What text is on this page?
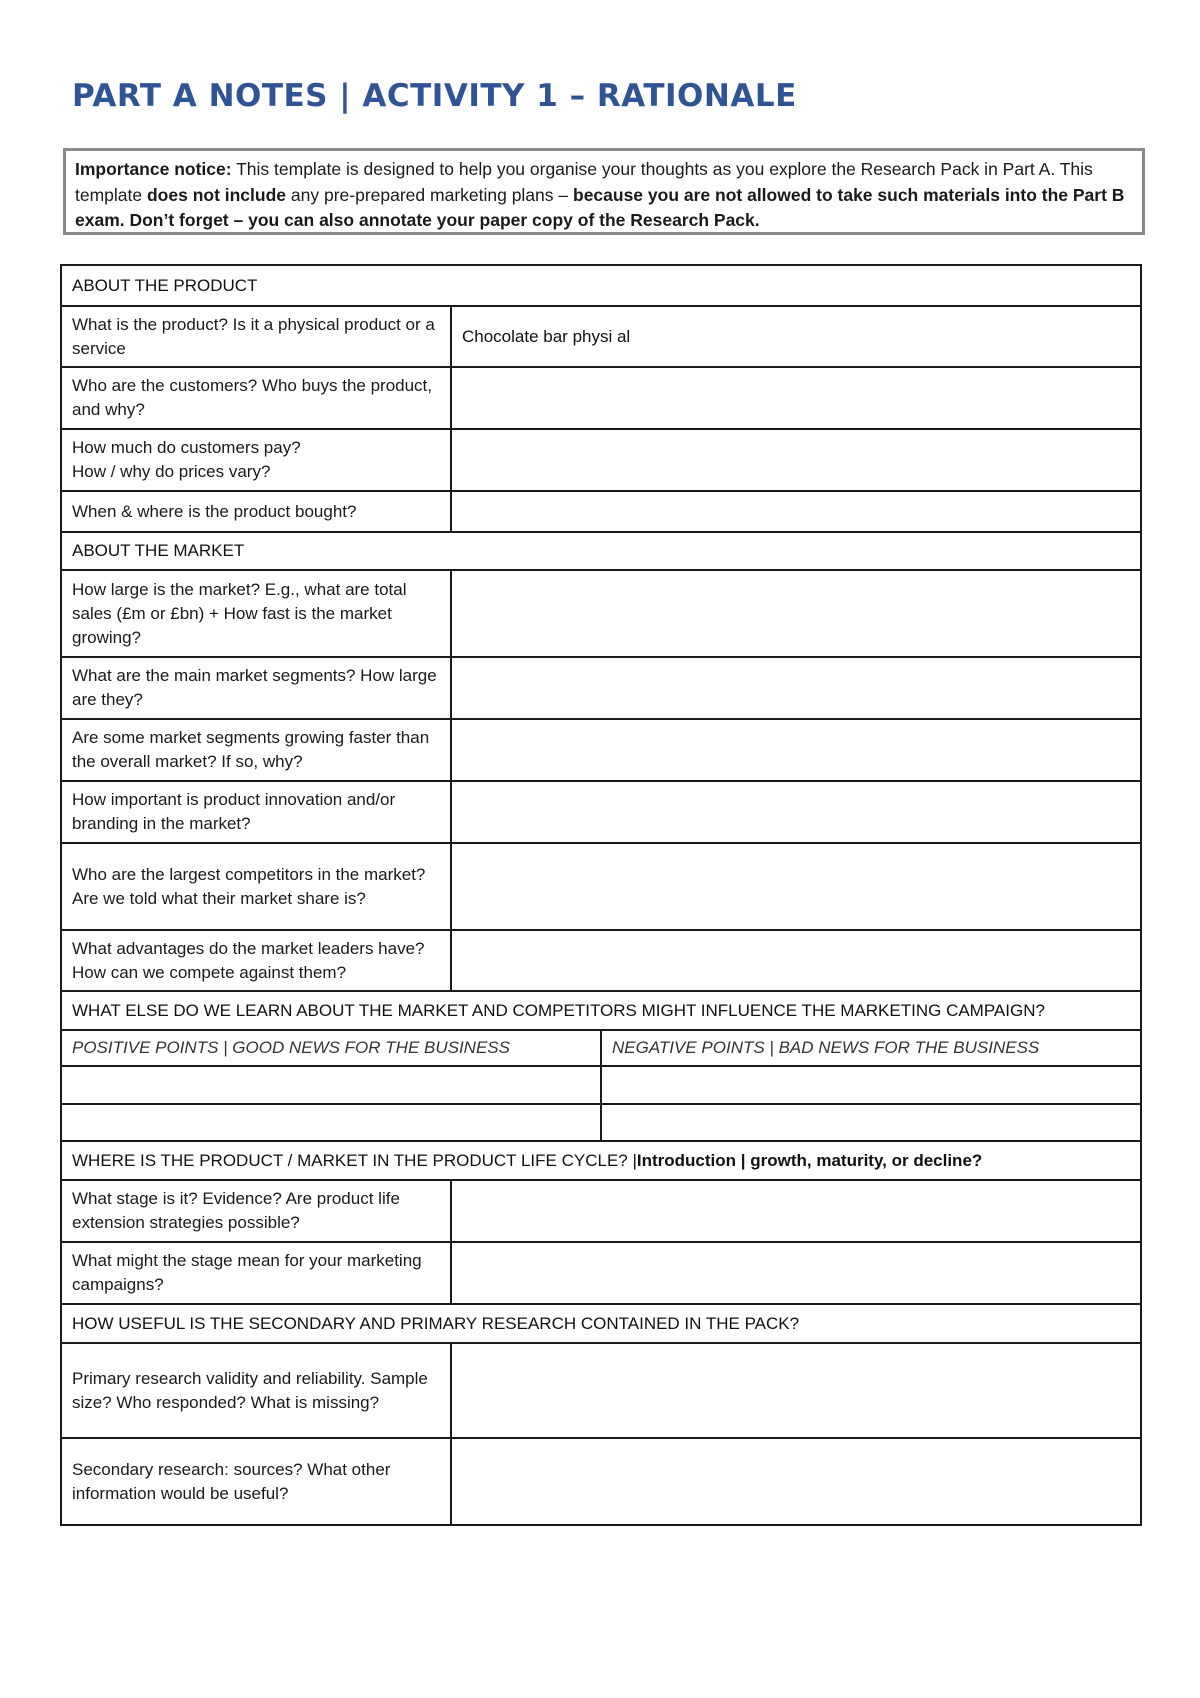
PART A NOTES | ACTIVITY 1 – RATIONALE
Importance notice: This template is designed to help you organise your thoughts as you explore the Research Pack in Part A. This template does not include any pre-prepared marketing plans – because you are not allowed to take such materials into the Part B exam. Don’t forget – you can also annotate your paper copy of the Research Pack.
ABOUT THE PRODUCT		
What is the product? Is it a physical product or a service	Chocolate bar physi al	
Who are the customers? Who buys the product, and why?		
How much do customers pay?
How / why do prices vary?		
When & where is the product bought?		
ABOUT THE MARKET		
How large is the market? E.g., what are total sales (£m or £bn) + How fast is the market growing?		
What are the main market segments? How large are they?		
Are some market segments growing faster than the overall market? If so, why?		
How important is product innovation and/or branding in the market?		
Who are the largest competitors in the market? Are we told what their market share is?		
What advantages do the market leaders have? How can we compete against them?		
WHAT ELSE DO WE LEARN ABOUT THE MARKET AND COMPETITORS MIGHT INFLUENCE THE MARKETING CAMPAIGN?		
POSITIVE POINTS | GOOD NEWS FOR THE BUSINESS		NEGATIVE POINTS | BAD NEWS FOR THE BUSINESS

WHERE IS THE PRODUCT / MARKET IN THE PRODUCT LIFE CYCLE? |Introduction | growth, maturity, or decline?		
What stage is it? Evidence? Are product life extension strategies possible?		
What might the stage mean for your marketing campaigns?		
HOW USEFUL IS THE SECONDARY AND PRIMARY RESEARCH CONTAINED IN THE PACK?		
Primary research validity and reliability. Sample size? Who responded? What is missing?		
Secondary research: sources? What other information would be useful?		
